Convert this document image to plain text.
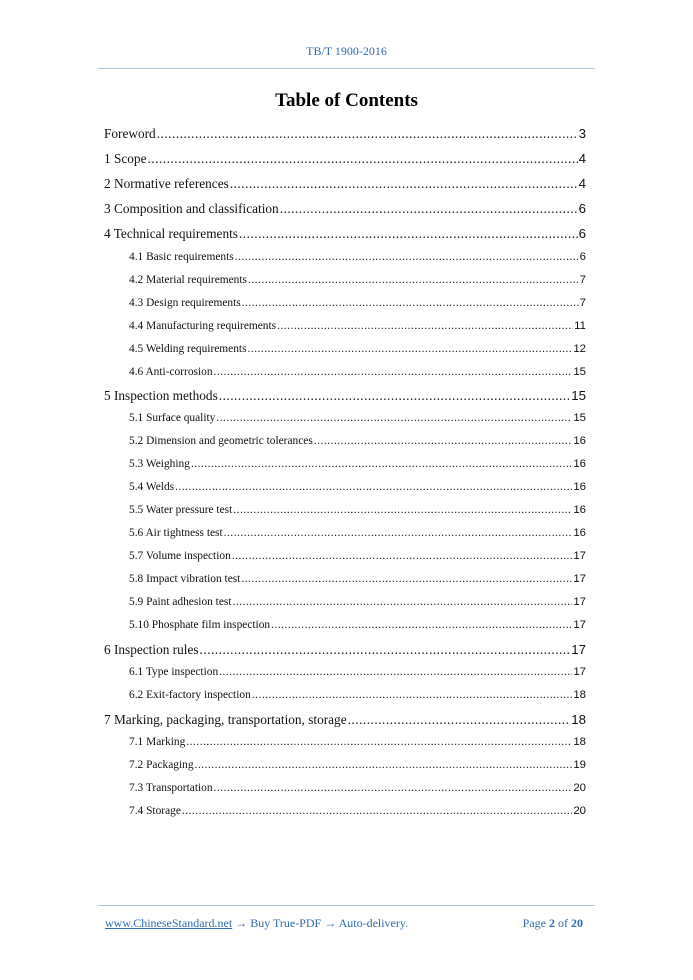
TB/T 1900-2016
Table of Contents
Foreword .....	3
1 Scope .....	4
2 Normative references .....	4
3 Composition and classification .....	6
4 Technical requirements .....	6
4.1 Basic requirements .....	6
4.2 Material requirements .....	7
4.3 Design requirements .....	7
4.4 Manufacturing requirements .....	11
4.5 Welding requirements .....	12
4.6 Anti-corrosion .....	15
5 Inspection methods .....	15
5.1 Surface quality .....	15
5.2 Dimension and geometric tolerances .....	16
5.3 Weighing .....	16
5.4 Welds .....	16
5.5 Water pressure test .....	16
5.6 Air tightness test .....	16
5.7 Volume inspection .....	17
5.8 Impact vibration test .....	17
5.9 Paint adhesion test .....	17
5.10 Phosphate film inspection .....	17
6 Inspection rules .....	17
6.1 Type inspection .....	17
6.2 Exit-factory inspection .....	18
7 Marking, packaging, transportation, storage .....	18
7.1 Marking .....	18
7.2 Packaging .....	19
7.3 Transportation .....	20
7.4 Storage .....	20
www.ChineseStandard.net → Buy True-PDF → Auto-delivery.	Page 2 of 20
